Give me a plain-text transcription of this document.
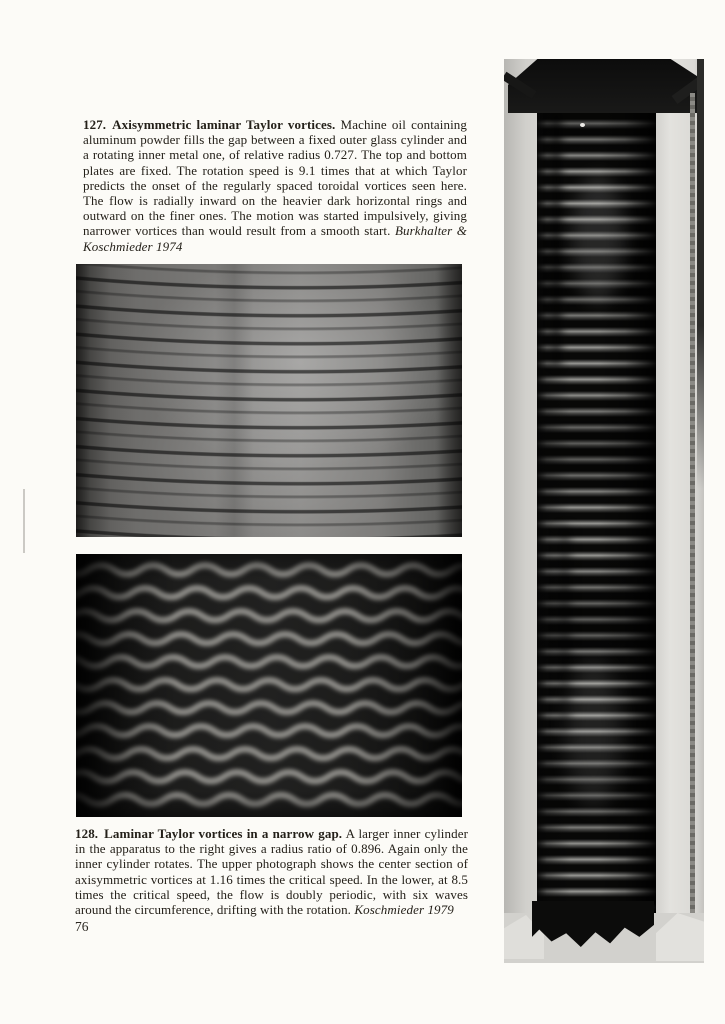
127. Axisymmetric laminar Taylor vortices. Machine oil containing aluminum powder fills the gap between a fixed outer glass cylinder and a rotating inner metal one, of relative radius 0.727. The top and bottom plates are fixed. The rotation speed is 9.1 times that at which Taylor predicts the onset of the regularly spaced toroidal vortices seen here. The flow is radially inward on the heavier dark horizontal rings and outward on the finer ones. The motion was started impulsively, giving narrower vortices than would result from a smooth start. Burkhalter & Koschmieder 1974

128. Laminar Taylor vortices in a narrow gap. A larger inner cylinder in the apparatus to the right gives a radius ratio of 0.896. Again only the inner cylinder rotates. The upper photograph shows the center section of axisymmetric vortices at 1.16 times the critical speed. In the lower, at 8.5 times the critical speed, the flow is doubly periodic, with six waves around the circumference, drifting with the rotation. Koschmieder 1979

76
